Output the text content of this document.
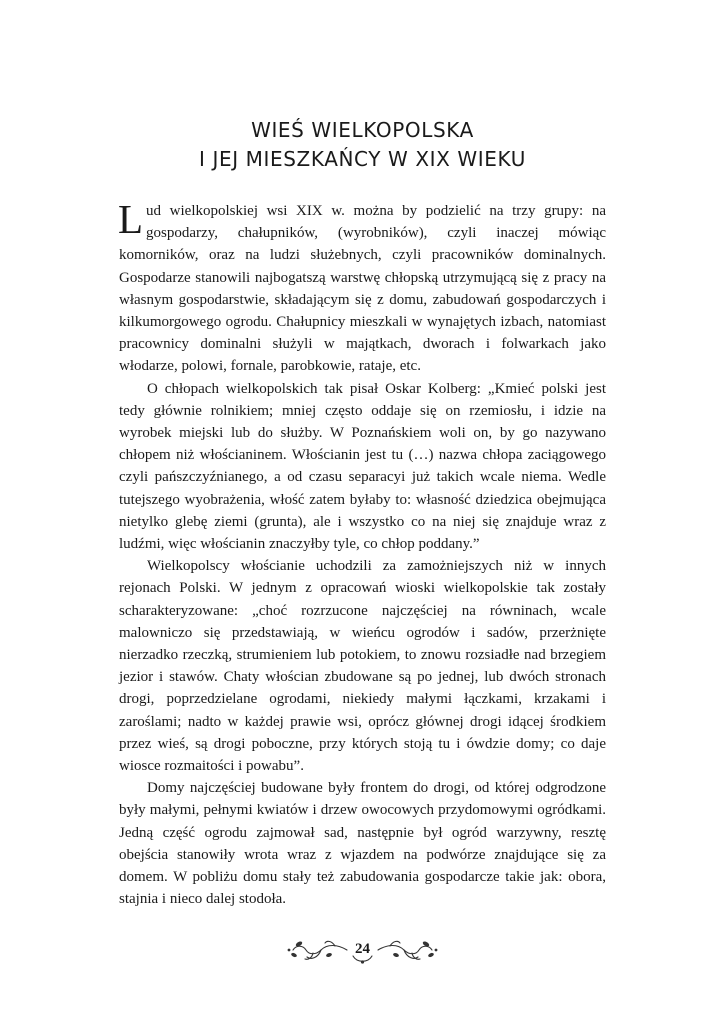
WIEŚ WIELKOPOLSKA
I JEJ MIESZKAŃCY W XIX WIEKU

Lud wielkopolskiej wsi XIX w. można by podzielić na trzy grupy: na gospodarzy, chałupników, (wyrobników), czyli inaczej mówiąc komorników, oraz na ludzi służebnych, czyli pracowników dominalnych. Gospodarze stanowili najbogatszą warstwę chłopską utrzymującą się z pracy na własnym gospodarstwie, składającym się z domu, zabudowań gospodarczych i kilkumorgowego ogrodu. Chałupnicy mieszkali w wynajętych izbach, natomiast pracownicy dominalni służyli w majątkach, dworach i folwarkach jako włodarze, polowi, fornale, parobkowie, rataje, etc.

O chłopach wielkopolskich tak pisał Oskar Kolberg: „Kmieć polski jest tedy głównie rolnikiem; mniej często oddaje się on rzemiosłu, i idzie na wyrobek miejski lub do służby. W Poznańskiem woli on, by go nazywano chłopem niż włościaninem. Włościanin jest tu (…) nazwa chłopa zaciągowego czyli pańszczyźnianego, a od czasu separacyi już takich wcale niema. Wedle tutejszego wyobrażenia, włość zatem byłaby to: własność dziedzica obejmująca nietylko glebę ziemi (grunta), ale i wszystko co na niej się znajduje wraz z ludźmi, więc włościanin znaczyłby tyle, co chłop poddany.”

Wielkopolscy włościanie uchodzili za zamożniejszych niż w innych rejonach Polski. W jednym z opracowań wioski wielkopolskie tak zostały scharakteryzowane: „choć rozrzucone najczęściej na równinach, wcale malowniczo się przedstawiają, w wieńcu ogrodów i sadów, przerżnięte nierzadko rzeczką, strumieniem lub potokiem, to znowu rozsiadłe nad brzegiem jezior i stawów. Chaty włościan zbudowane są po jednej, lub dwóch stronach drogi, poprzedzielane ogrodami, niekiedy małymi łączkami, krzakami i zaroślami; nadto w każdej prawie wsi, oprócz głównej drogi idącej środkiem przez wieś, są drogi poboczne, przy których stoją tu i ówdzie domy; co daje wiosce rozmaitości i powabu”.

Domy najczęściej budowane były frontem do drogi, od której odgrodzone były małymi, pełnymi kwiatów i drzew owocowych przydomowymi ogródkami. Jedną część ogrodu zajmował sad, następnie był ogród warzywny, resztę obejścia stanowiły wrota wraz z wjazdem na podwórze znajdujące się za domem. W pobliżu domu stały też zabudowania gospodarcze takie jak: obora, stajnia i nieco dalej stodoła.

24
